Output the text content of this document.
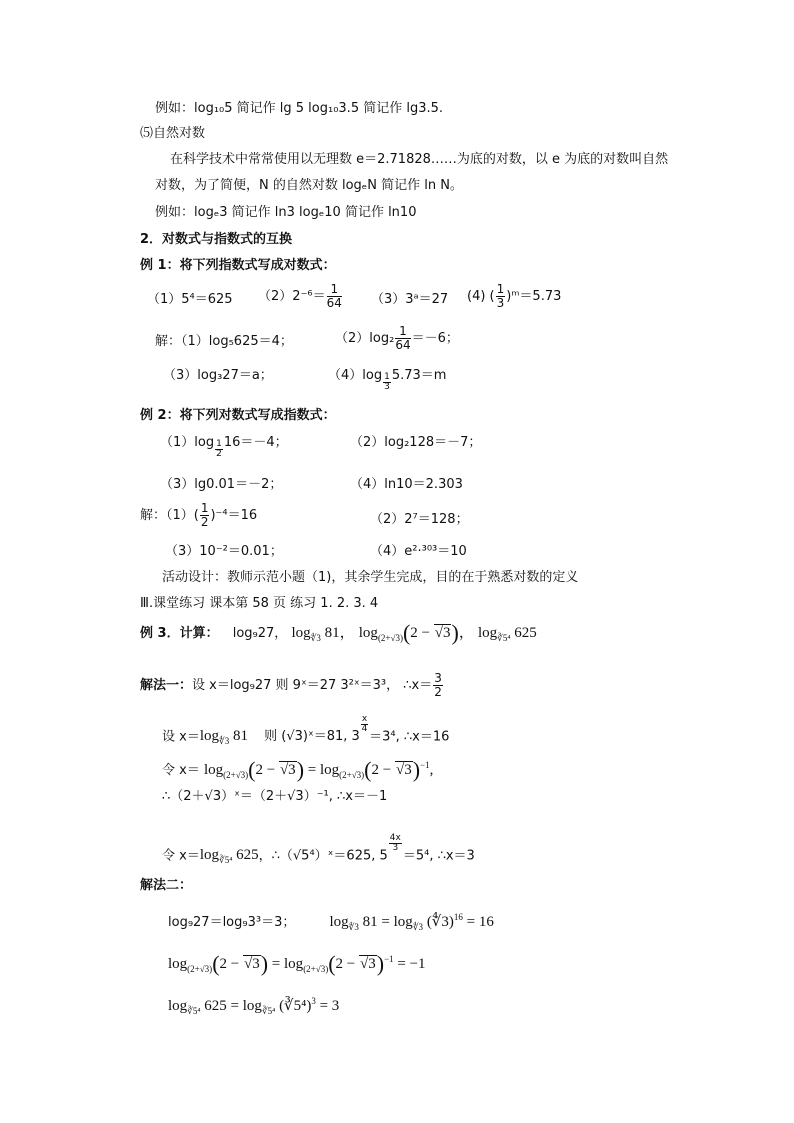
例如：log₁₀5 简记作 lg 5 log₁₀3.5 简记作 lg3.5.
⑸自然对数
在科学技术中常常使用以无理数 e＝2.71828……为底的对数，以 e 为底的对数叫自然
对数，为了简便，N 的自然对数 logₑN 简记作 ln N。
例如：logₑ3 简记作 ln3 logₑ10 简记作 ln10
2．对数式与指数式的互换
例 1：将下列指数式写成对数式：
（1）5⁴＝625 $(2)2^{-6}= \frac{1}{64}$ （3）3ᵃ＝27 (4) ( $\frac{1}{3}$ )ᵐ＝5.73
解：（1）log₅625＝4；	$(2)\log_2 \frac{1}{64} =-6$；
（3）log₃27＝a；	$(4)\log \frac{1}{3} 5.73=m$
例 2：将下列对数式写成指数式：
$(1)\log \frac{1}{2} 16=-4$；	（2）log₂128＝－7；
（3）lg0.01＝－2；	（4）ln10＝2.303
解：$(1)( \frac{1}{2} )^{-4}=16$	（2）2⁷＝128；
（3）10⁻²＝0.01；	（4）e²·³⁰³＝10
活动设计：教师示范小题（1)，其余学生完成，目的在于熟悉对数的定义
Ⅲ.课堂练习 课本第 58 页 练习 1. 2. 3. 4
例 3．计算： log₉27， $\log_{∜3} 81$， $\log_{(2+√3)}(2 - √3)$， $\log_{∛5^4} 625$
解法一：设 x＝log₉27 则 9ˣ＝27 3²ˣ＝3³， ∴x＝ $\frac{3}{2}$
设 $x=\log_{∜3}$ 81 则 (√3)ˣ＝81, 3
$^{\frac{x}{4}}$
＝3⁴, ∴x＝16
令 $x= \log_{(2+√3)}(2 - √3) = \log_{(2+√3)}(2 - √3)^{-1}$,
∴（2＋√3）ˣ＝（2＋√3）⁻¹, ∴x＝－1
令 $x=\log_{∛5^4}$ 625，∴（√5⁴）ˣ＝625, 5
$^{\frac{4x}{3}}$
＝5⁴, ∴x＝3
解法二：
log₉27＝log₉3³＝3； $\log_{∜3} 81 = \log_{∜3}$ (∜3)$^{16}$ = 16
$\log_{(2+√3)}(2 - √3) = \log_{(2+√3)}(2 - √3)^{-1} = -1$
$\log_{∛5^4} 625 = \log_{∛5^4}$ (∛5⁴)$^3$ = 3
